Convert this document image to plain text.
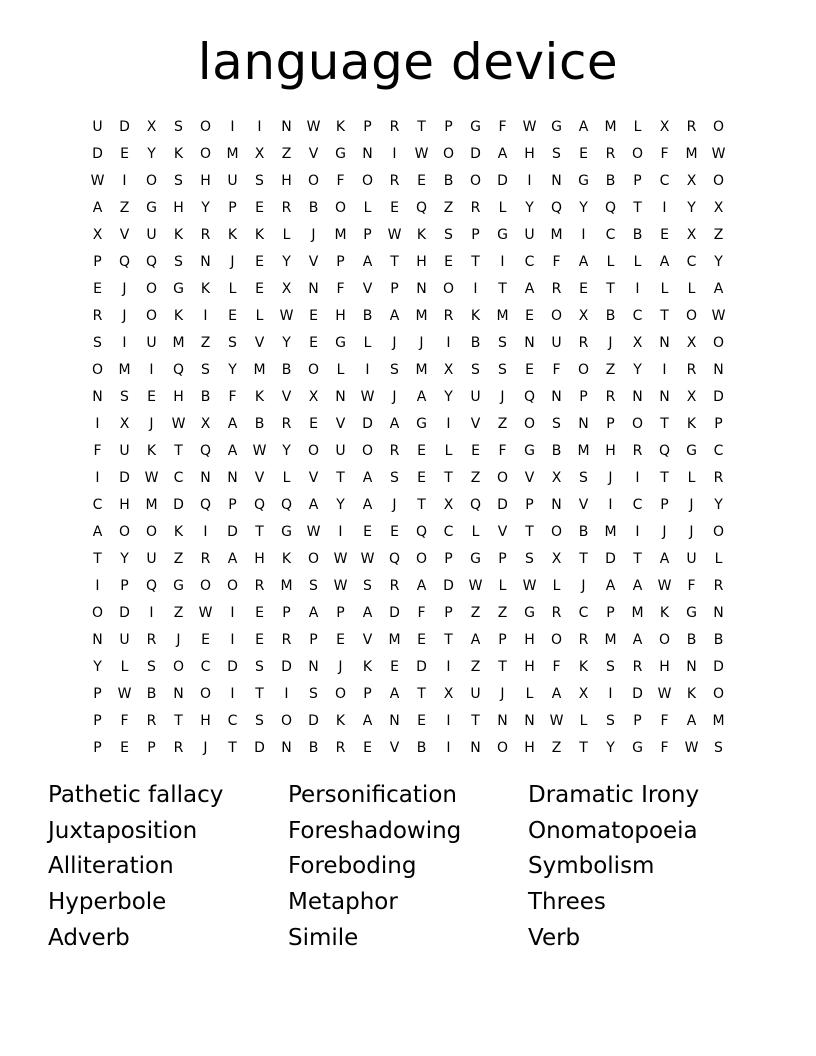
language device
U	D	X	S	O	I	I	N	W	K	P	R	T	P	G	F	W	G	A	M	L	X	R	O
D	E	Y	K	O	M	X	Z	V	G	N	I	W	O	D	A	H	S	E	R	O	F	M	W
W	I	O	S	H	U	S	H	O	F	O	R	E	B	O	D	I	N	G	B	P	C	X	O
A	Z	G	H	Y	P	E	R	B	O	L	E	Q	Z	R	L	Y	Q	Y	Q	T	I	Y	X
X	V	U	K	R	K	K	L	J	M	P	W	K	S	P	G	U	M	I	C	B	E	X	Z
P	Q	Q	S	N	J	E	Y	V	P	A	T	H	E	T	I	C	F	A	L	L	A	C	Y
E	J	O	G	K	L	E	X	N	F	V	P	N	O	I	T	A	R	E	T	I	L	L	A
R	J	O	K	I	E	L	W	E	H	B	A	M	R	K	M	E	O	X	B	C	T	O	W
S	I	U	M	Z	S	V	Y	E	G	L	J	J	I	B	S	N	U	R	J	X	N	X	O
O	M	I	Q	S	Y	M	B	O	L	I	S	M	X	S	S	E	F	O	Z	Y	I	R	N
N	S	E	H	B	F	K	V	X	N	W	J	A	Y	U	J	Q	N	P	R	N	N	X	D
I	X	J	W	X	A	B	R	E	V	D	A	G	I	V	Z	O	S	N	P	O	T	K	P
F	U	K	T	Q	A	W	Y	O	U	O	R	E	L	E	F	G	B	M	H	R	Q	G	C
I	D	W	C	N	N	V	L	V	T	A	S	E	T	Z	O	V	X	S	J	I	T	L	R
C	H	M	D	Q	P	Q	Q	A	Y	A	J	T	X	Q	D	P	N	V	I	C	P	J	Y
A	O	O	K	I	D	T	G	W	I	E	E	Q	C	L	V	T	O	B	M	I	J	J	O
T	Y	U	Z	R	A	H	K	O	W W	Q	O	P	G	P	S	X	T	D	T	A	U	L
I	P	Q	G	O	O	R	M	S	W	S	R	A	D	W	L	W	L	J	A	A	W	F	R
O	D	I	Z	W	I	E	P	A	P	A	D	F	P	Z	Z	G	R	C	P	M	K	G	N
N	U	R	J	E	I	E	R	P	E	V	M	E	T	A	P	H	O	R	M	A	O	B	B
Y	L	S	O	C	D	S	D	N	J	K	E	D	I	Z	T	H	F	K	S	R	H	N	D
P	W	B	N	O	I	T	I	S	O	P	A	T	X	U	J	L	A	X	I	D	W	K	O
P	F	R	T	H	C	S	O	D	K	A	N	E	I	T	N	N	W	L	S	P	F	A	M
P	E	P	R	J	T	D	N	B	R	E	V	B	I	N	O	H	Z	T	Y	G	F	W	S
Pathetic fallacy
Juxtaposition
Alliteration
Hyperbole
Adverb
Personification
Foreshadowing
Foreboding
Metaphor
Simile
Dramatic Irony
Onomatopoeia
Symbolism
Threes
Verb
